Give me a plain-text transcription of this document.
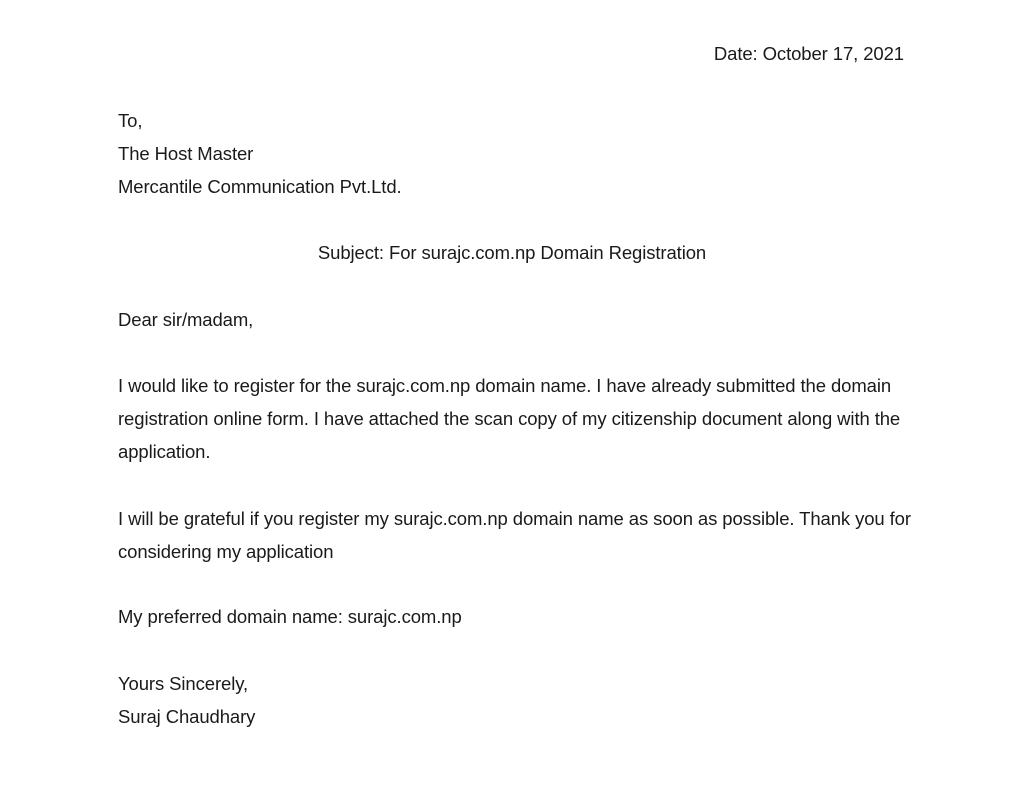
Date: October 17, 2021
To,
The Host Master
Mercantile Communication Pvt.Ltd.
Subject: For surajc.com.np Domain Registration
Dear sir/madam,
I would like to register for the surajc.com.np domain name. I have already submitted the domain registration online form. I have attached the scan copy of my citizenship document along with the application.
I will be grateful if you register my surajc.com.np domain name as soon as possible. Thank you for considering my application
My preferred domain name: surajc.com.np
Yours Sincerely,
Suraj Chaudhary
